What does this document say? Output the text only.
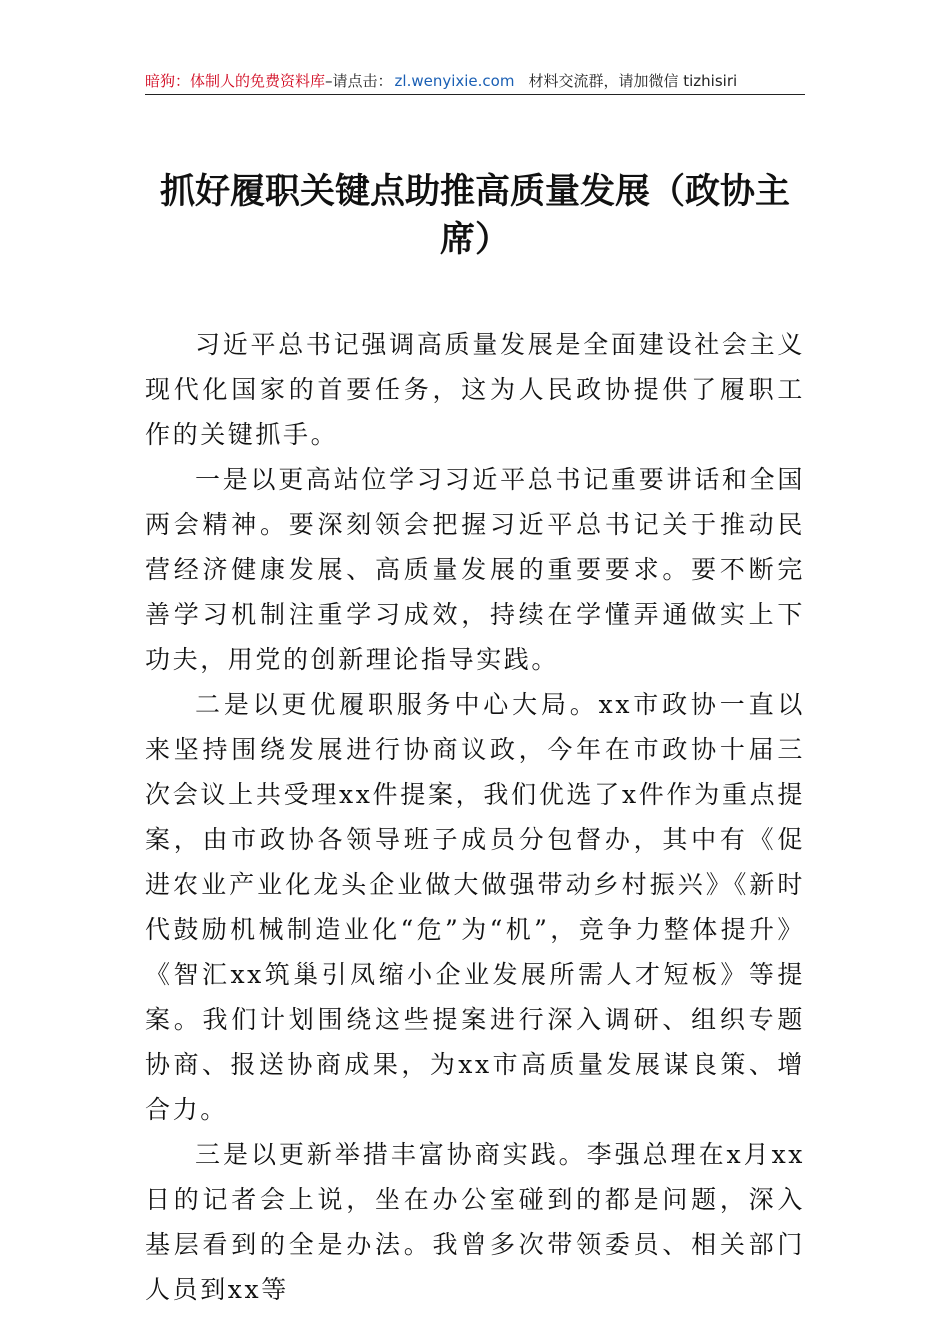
暗狗：体制人的免费资料库–请点击： zl.wenyixie.com 材料交流群，请加微信 tizhisiri
抓好履职关键点助推高质量发展（政协主席）

习近平总书记强调高质量发展是全面建设社会主义现代化国家的首要任务，这为人民政协提供了履职工作的关键抓手。

一是以更高站位学习习近平总书记重要讲话和全国两会精神。要深刻领会把握习近平总书记关于推动民营经济健康发展、高质量发展的重要要求。要不断完善学习机制注重学习成效，持续在学懂弄通做实上下功夫，用党的创新理论指导实践。

二是以更优履职服务中心大局。xx市政协一直以来坚持围绕发展进行协商议政，今年在市政协十届三次会议上共受理xx件提案，我们优选了x件作为重点提案，由市政协各领导班子成员分包督办，其中有《促进农业产业化龙头企业做大做强带动乡村振兴》《新时代鼓励机械制造业化“危”为“机”，竞争力整体提升》《智汇xx筑巢引凤缩小企业发展所需人才短板》等提案。我们计划围绕这些提案进行深入调研、组织专题协商、报送协商成果，为xx市高质量发展谋良策、增合力。

三是以更新举措丰富协商实践。李强总理在x月xx日的记者会上说，坐在办公室碰到的都是问题，深入基层看到的全是办法。我曾多次带领委员、相关部门人员到xx等
